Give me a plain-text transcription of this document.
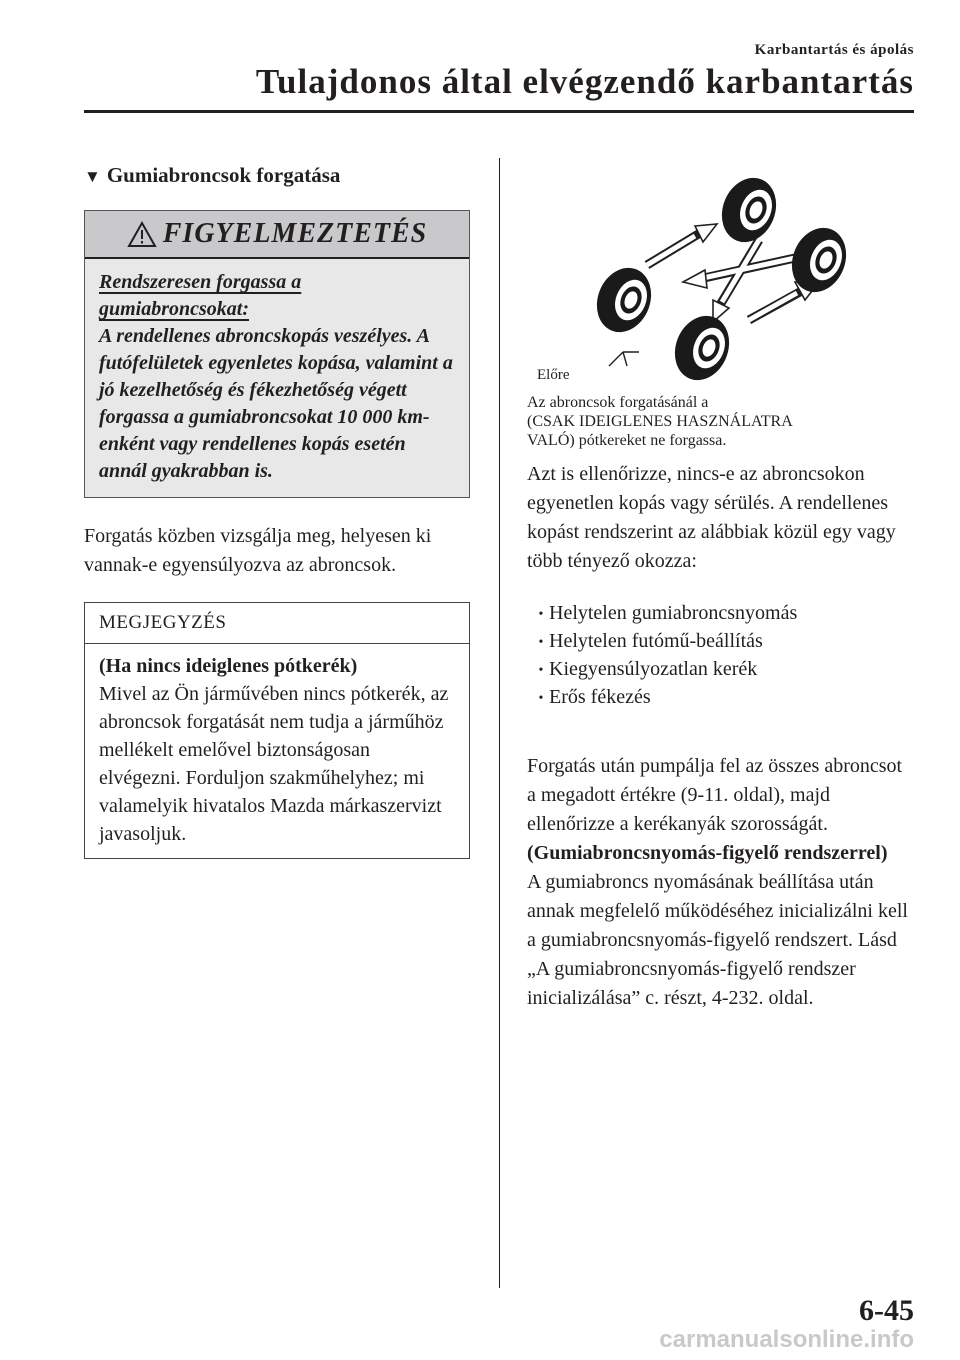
Karbantartás és ápolás
Tulajdonos által elvégzendő karbantartás
▼ Gumiabroncsok forgatása
FIGYELMEZTETÉS
Rendszeresen forgassa a gumiabroncsokat:
A rendellenes abroncskopás veszélyes. A futófelületek egyenletes kopása, valamint a jó kezelhetőség és fékezhetőség végett forgassa a gumiabroncsokat 10 000 km-enként vagy rendellenes kopás esetén annál gyakrabban is.
Forgatás közben vizsgálja meg, helyesen ki vannak-e egyensúlyozva az abroncsok.
MEGJEGYZÉS
(Ha nincs ideiglenes pótkerék)
Mivel az Ön járművében nincs pótkerék, az abroncsok forgatását nem tudja a járműhöz mellékelt emelővel biztonságosan elvégezni. Forduljon szakműhelyhez; mi valamelyik hivatalos Mazda márkaszervizt javasoljuk.
Előre
Az abroncsok forgatásánál a
(CSAK IDEIGLENES HASZNÁLATRA
VALÓ) pótkereket ne forgassa.
Azt is ellenőrizze, nincs-e az abroncsokon egyenetlen kopás vagy sérülés. A rendellenes kopást rendszerint az alábbiak közül egy vagy több tényező okozza:
• Helytelen gumiabroncsnyomás
• Helytelen futómű-beállítás
• Kiegyensúlyozatlan kerék
• Erős fékezés
Forgatás után pumpálja fel az összes abroncsot a megadott értékre (9-11. oldal), majd ellenőrizze a kerékanyák szorosságát.
(Gumiabroncsnyomás-figyelő rendszerrel)
A gumiabroncs nyomásának beállítása után annak megfelelő működéséhez inicializálni kell a gumiabroncsnyomás-figyelő rendszert. Lásd „A gumiabroncsnyomás-figyelő rendszer inicializálása” c. részt, 4-232. oldal.
6-45
carmanualsonline.info
